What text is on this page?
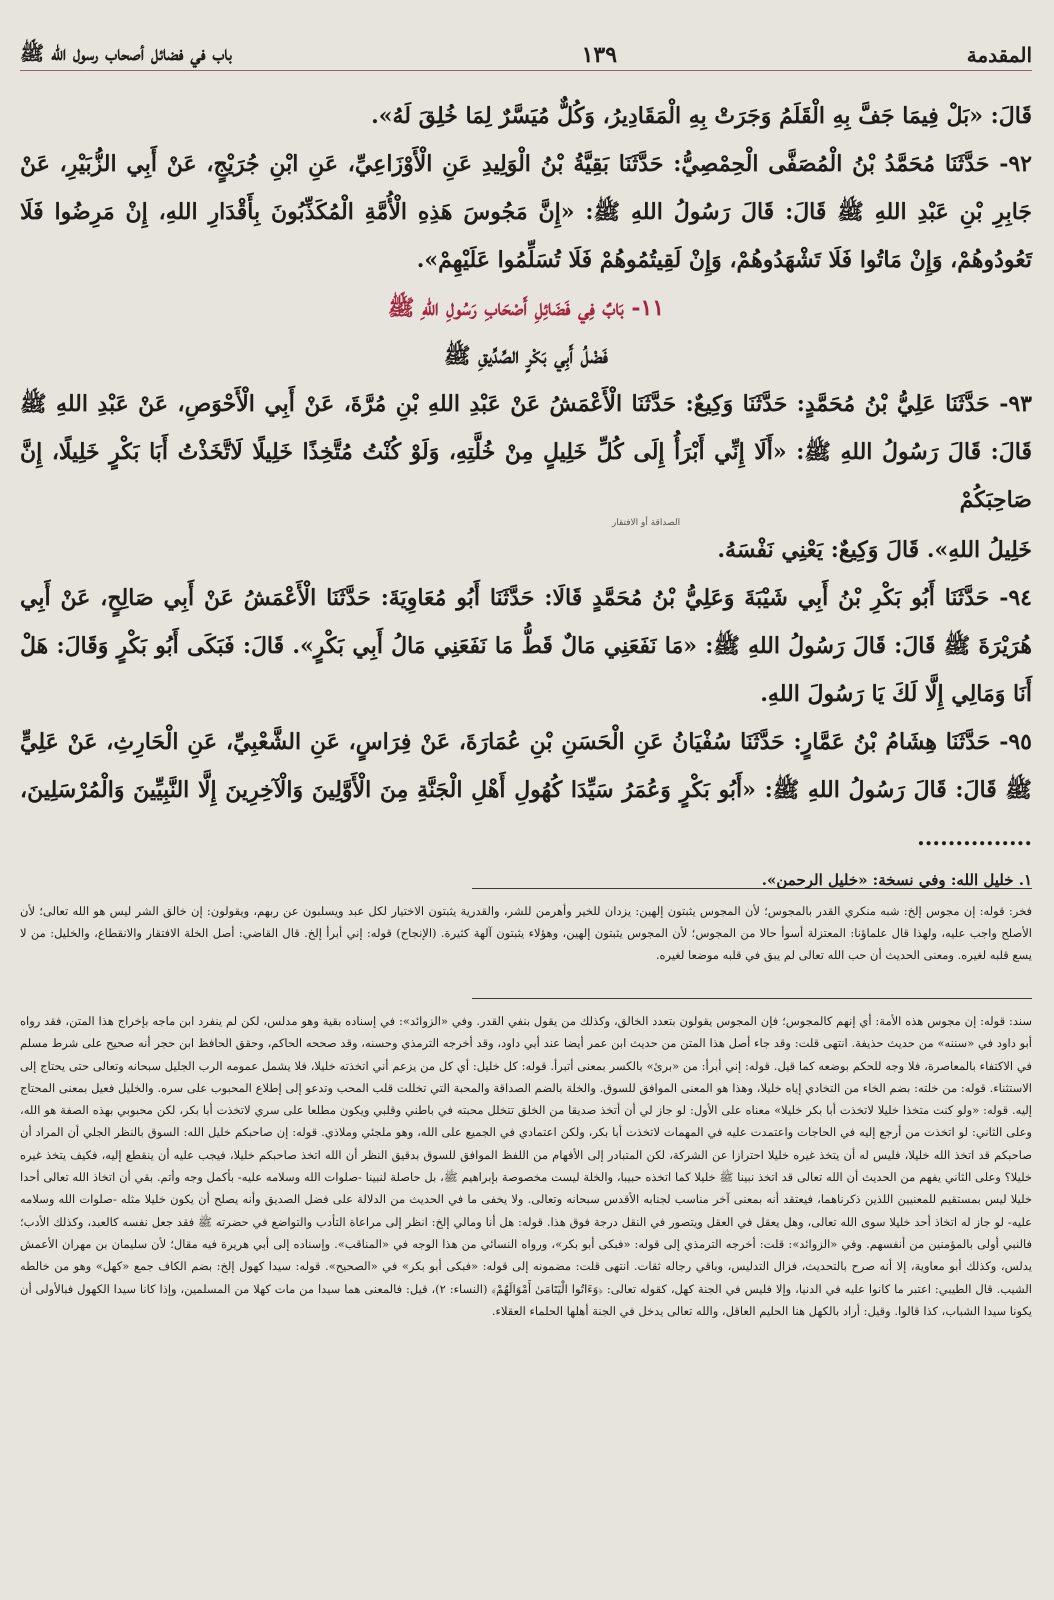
المقدمة
١٣٩
باب في فضائل أصحاب رسول الله ﷺ

قَالَ: «بَلْ فِيمَا جَفَّ بِهِ الْقَلَمُ وَجَرَتْ بِهِ الْمَقَادِيرُ، وَكُلٌّ مُيَسَّرٌ لِمَا خُلِقَ لَهُ».

٩٢- حَدَّثَنَا مُحَمَّدُ بْنُ الْمُصَفَّى الْحِمْصِيُّ: حَدَّثَنَا بَقِيَّةُ بْنُ الْوَلِيدِ عَنِ الْأَوْزَاعِيِّ، عَنِ ابْنِ جُرَيْجٍ، عَنْ أَبِي الزُّبَيْرِ، عَنْ جَابِرِ بْنِ عَبْدِ اللهِ ﷺ قَالَ: قَالَ رَسُولُ اللهِ ﷺ: «إِنَّ مَجُوسَ هَذِهِ الْأُمَّةِ الْمُكَذِّبُونَ بِأَقْدَارِ اللهِ، إِنْ مَرِضُوا فَلَا تَعُودُوهُمْ، وَإِنْ مَاتُوا فَلَا تَشْهَدُوهُمْ، وَإِنْ لَقِيتُمُوهُمْ فَلَا تُسَلِّمُوا عَلَيْهِمْ».

١١- بَابٌ فِي فَضَائِلِ أَصْحَابِ رَسُولِ اللهِ ﷺ

فَضْلُ أَبِي بَكْرٍ الصِّدِّيقِ ﷺ

٩٣- حَدَّثَنَا عَلِيُّ بْنُ مُحَمَّدٍ: حَدَّثَنَا وَكِيعٌ: حَدَّثَنَا الْأَعْمَشُ عَنْ عَبْدِ اللهِ بْنِ مُرَّةَ، عَنْ أَبِي الْأَحْوَصِ، عَنْ عَبْدِ اللهِ ﷺ قَالَ: قَالَ رَسُولُ اللهِ ﷺ: «أَلَا إِنِّي أَبْرَأُ إِلَى كُلِّ خَلِيلٍ مِنْ خُلَّتِهِ، وَلَوْ كُنْتُ مُتَّخِذًا خَلِيلًا لَاتَّخَذْتُ أَبَا بَكْرٍ خَلِيلًا، إِنَّ صَاحِبَكُمْ

الصداقة أو الافتقار

خَلِيلُ اللهِ». قَالَ وَكِيعٌ: يَعْنِي نَفْسَهُ.

٩٤- حَدَّثَنَا أَبُو بَكْرِ بْنُ أَبِي شَيْبَةَ وَعَلِيُّ بْنُ مُحَمَّدٍ قَالَا: حَدَّثَنَا أَبُو مُعَاوِيَةَ: حَدَّثَنَا الْأَعْمَشُ عَنْ أَبِي صَالِحٍ، عَنْ أَبِي هُرَيْرَةَ ﷺ قَالَ: قَالَ رَسُولُ اللهِ ﷺ: «مَا نَفَعَنِي مَالٌ قَطُّ مَا نَفَعَنِي مَالُ أَبِي بَكْرٍ». قَالَ: فَبَكَى أَبُو بَكْرٍ وَقَالَ: هَلْ أَنَا وَمَالِي إِلَّا لَكَ يَا رَسُولَ اللهِ.

٩٥- حَدَّثَنَا هِشَامُ بْنُ عَمَّارٍ: حَدَّثَنَا سُفْيَانُ عَنِ الْحَسَنِ بْنِ عُمَارَةَ، عَنْ فِرَاسٍ، عَنِ الشَّعْبِيِّ، عَنِ الْحَارِثِ، عَنْ عَلِيٍّ ﷺ قَالَ: قَالَ رَسُولُ اللهِ ﷺ: «أَبُو بَكْرٍ وَعُمَرُ سَيِّدَا كُهُولِ أَهْلِ الْجَنَّةِ مِنَ الْأَوَّلِينَ وَالْآخِرِينَ إِلَّا النَّبِيِّينَ وَالْمُرْسَلِينَ، ...............

١. خليل الله: وفي نسخة: «خليل الرحمن».
فخر: قوله: إن مجوس إلخ: شبه منكري القدر بالمجوس؛ لأن المجوس يثبتون إلهين: يزدان للخير وأهرمن للشر، والقدرية يثبتون الاختيار لكل عبد ويسلبون عن ربهم، ويقولون: إن خالق الشر ليس هو الله تعالى؛ لأن الأصلح واجب عليه، ولهذا قال علماؤنا: المعتزلة أسوأ حالا من المجوس؛ لأن المجوس يثبتون إلهين، وهؤلاء يثبتون آلهة كثيرة. (الإنجاح) قوله: إني أبرأ إلخ. قال القاضي: أصل الخلة الافتقار والانقطاع، والخليل: من لا يسع قلبه لغيره. ومعنى الحديث أن حب الله تعالى لم يبق في قلبه موضعا لغيره.
سند: قوله: إن مجوس هذه الأمة: أي إنهم كالمجوس؛ فإن المجوس يقولون بتعدد الخالق، وكذلك من يقول بنفي القدر. وفي «الزوائد»: في إسناده بقية وهو مدلس، لكن لم ينفرد ابن ماجه بإخراج هذا المتن، فقد رواه أبو داود في «سننه» من حديث حذيفة. انتهى قلت: وقد جاء أصل هذا المتن من حديث ابن عمر أيضا عند أبي داود، وقد أخرجه الترمذي وحسنه، وقد صححه الحاكم، وحقق الحافظ ابن حجر أنه صحيح على شرط مسلم في الاكتفاء بالمعاصرة، فلا وجه للحكم بوضعه كما قيل. قوله: إني أبرأ: من «برئ» بالكسر بمعنى أتبرأ. قوله: كل خليل: أي كل من يزعم أني اتخذته خليلا، فلا يشمل عمومه الرب الجليل سبحانه وتعالى حتى يحتاج إلى الاستثناء. قوله: من خلته: بضم الخاء من التخادي إياه خليلا، وهذا هو المعنى الموافق للسوق. والخلة بالضم الصداقة والمحبة التي تخللت قلب المحب وتدعو إلى إطلاع المحبوب على سره. والخليل فعيل بمعنى المحتاج إليه. قوله: «ولو كنت متخذا خليلا لاتخذت أبا بكر خليلا» معناه على الأول: لو جاز لي أن أتخذ صديقا من الخلق تتخلل محبته في باطني وقلبي ويكون مطلعا على سري لاتخذت أبا بكر، لكن محبوبي بهذه الصفة هو الله، وعلى الثاني: لو اتخذت من أرجع إليه في الحاجات واعتمدت عليه في المهمات لاتخذت أبا بكر، ولكن اعتمادي في الجميع على الله، وهو ملجئي وملاذي. قوله: إن صاحبكم خليل الله: السوق بالنظر الجلي أن المراد أن صاحبكم قد اتخذ الله خليلا، فليس له أن يتخذ غيره خليلا احترازا عن الشركة، لكن المتبادر إلى الأفهام من اللفظ الموافق للسوق بدقيق النظر أن الله اتخذ صاحبكم خليلا، فيجب عليه أن ينقطع إليه، فكيف يتخذ غيره خليلا؟ وعلى الثاني يفهم من الحديث أن الله تعالى قد اتخذ نبينا ﷺ خليلا كما اتخذه حبيبا، والخلة ليست مخصوصة بإبراهيم ﷺ، بل حاصلة لنبينا -صلوات الله وسلامه عليه- بأكمل وجه وأتم. بقي أن اتخاذ الله تعالى أحدا خليلا ليس بمستقيم للمعنيين اللذين ذكرناهما، فيعتقد أنه بمعنى آخر مناسب لجنابه الأقدس سبحانه وتعالى. ولا يخفى ما في الحديث من الدلالة على فضل الصديق وأنه يصلح أن يكون خليلا مثله -صلوات الله وسلامه عليه- لو جاز له اتخاذ أحد خليلا سوى الله تعالى، وهل يعقل في العقل ويتصور في النقل درجة فوق هذا. قوله: هل أنا ومالي إلخ: انظر إلى مراعاة التأدب والتواضع في حضرته ﷺ فقد جعل نفسه كالعبد، وكذلك الأدب؛ فالنبي أولى بالمؤمنين من أنفسهم. وفي «الزوائد»: قلت: أخرجه الترمذي إلى قوله: «فبكى أبو بكر»، ورواه النسائي من هذا الوجه في «المناقب». وإسناده إلى أبي هريرة فيه مقال؛ لأن سليمان بن مهران الأعمش يدلس، وكذلك أبو معاوية، إلا أنه صرح بالتحديث، فزال التدليس، وباقي رجاله ثقات. انتهى قلت: مضمونه إلى قوله: «فبكى أبو بكر» في «الصحيح». قوله: سيدا كهول إلخ: بضم الكاف جمع «كهل» وهو من خالطه الشيب. قال الطيبي: اعتبر ما كانوا عليه في الدنيا، وإلا فليس في الجنة كهل، كقوله تعالى: ﴿وَءَاتُوا الْيَتَامَىٰ أَمْوَالَهُمْ﴾ (النساء: ٢)، قيل: فالمعنى هما سيدا من مات كهلا من المسلمين، وإذا كانا سيدا الكهول فبالأولى أن يكونا سيدا الشباب، كذا قالوا. وقيل: أراد بالكهل هنا الحليم العاقل، والله تعالى يدخل في الجنة أهلها الحلماء العقلاء.
